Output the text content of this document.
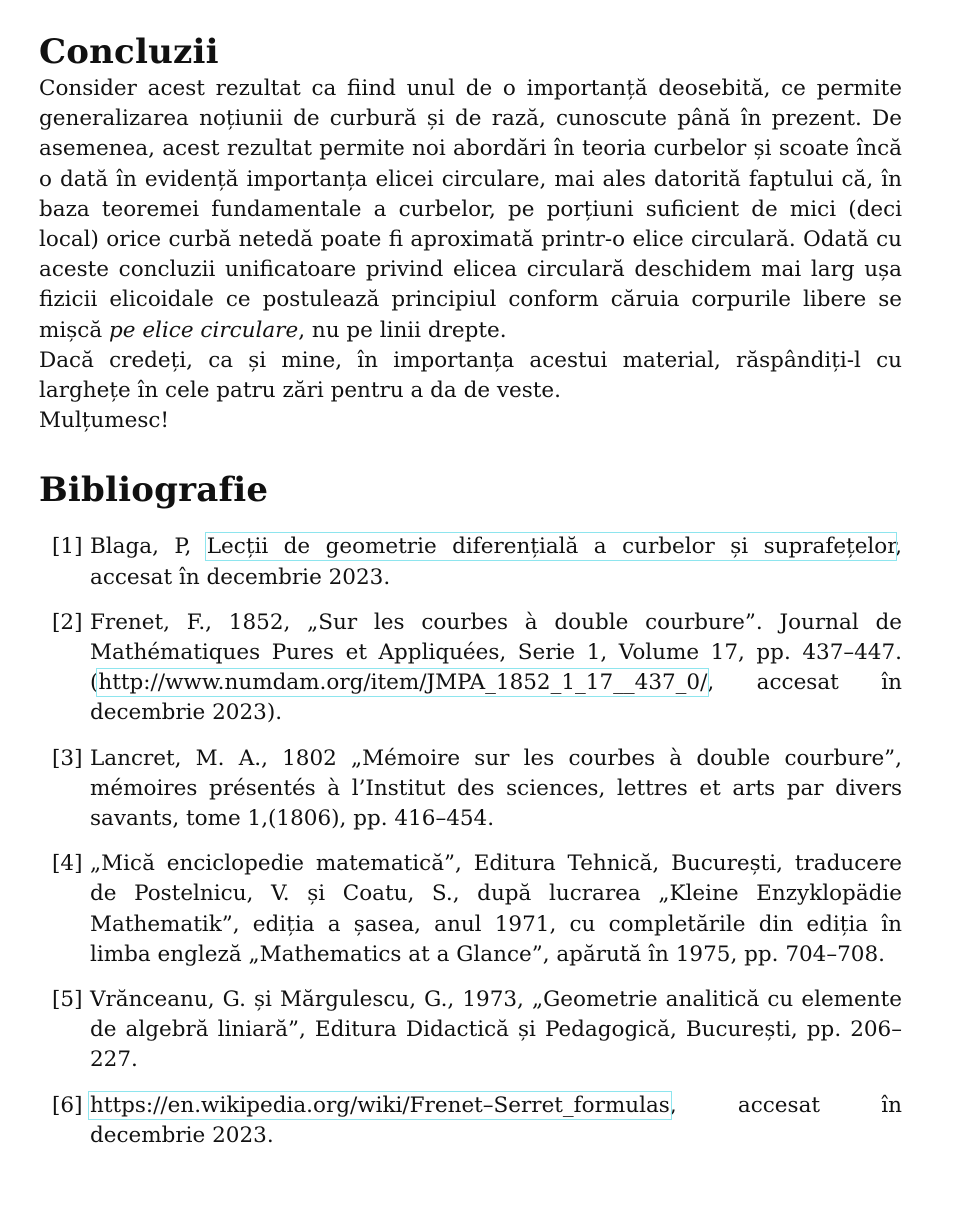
Concluzii

Consider acest rezultat ca fiind unul de o importanță deosebită, ce permite generalizarea noțiunii de curbură și de rază, cunoscute până în prezent. De asemenea, acest rezultat permite noi abordări în teoria curbelor și scoate încă o dată în evidență importanța elicei circulare, mai ales datorită faptului că, în baza teoremei fundamentale a curbelor, pe porțiuni suficient de mici (deci local) orice curbă netedă poate fi aproximată printr-o elice circulară. Odată cu aceste concluzii unificatoare privind elicea circulară deschidem mai larg ușa fizicii elicoidale ce postulează principiul conform căruia corpurile libere se mișcă pe elice circulare, nu pe linii drepte.

Dacă credeți, ca și mine, în importanța acestui material, răspândiți-l cu larghețe în cele patru zări pentru a da de veste.

Mulțumesc!

Bibliografie
[1] Blaga, P, Lecții de geometrie diferențială a curbelor și suprafețelor, accesat în decembrie 2023.
[2] Frenet, F., 1852, „Sur les courbes à double courbure”. Journal de Mathématiques Pures et Appliquées, Serie 1, Volume 17, pp. 437–447. (http://www.numdam.org/item/JMPA_1852_1_17__437_0/, accesat în decembrie 2023).
[3] Lancret, M. A., 1802 „Mémoire sur les courbes à double courbure”, mémoires présentés à l’Institut des sciences, lettres et arts par divers savants, tome 1,(1806), pp. 416–454.
[4] „Mică enciclopedie matematică”, Editura Tehnică, București, traducere de Postelnicu, V. și Coatu, S., după lucrarea „Kleine Enzyklopädie Mathematik”, ediția a șasea, anul 1971, cu completările din ediția în limba engleză „Mathematics at a Glance”, apărută în 1975, pp. 704–708.
[5] Vrănceanu, G. și Mărgulescu, G., 1973, „Geometrie analitică cu elemente de algebră liniară”, Editura Didactică și Pedagogică, București, pp. 206–227.
[6] https://en.wikipedia.org/wiki/Frenet–Serret_formulas, accesat în decembrie 2023.
